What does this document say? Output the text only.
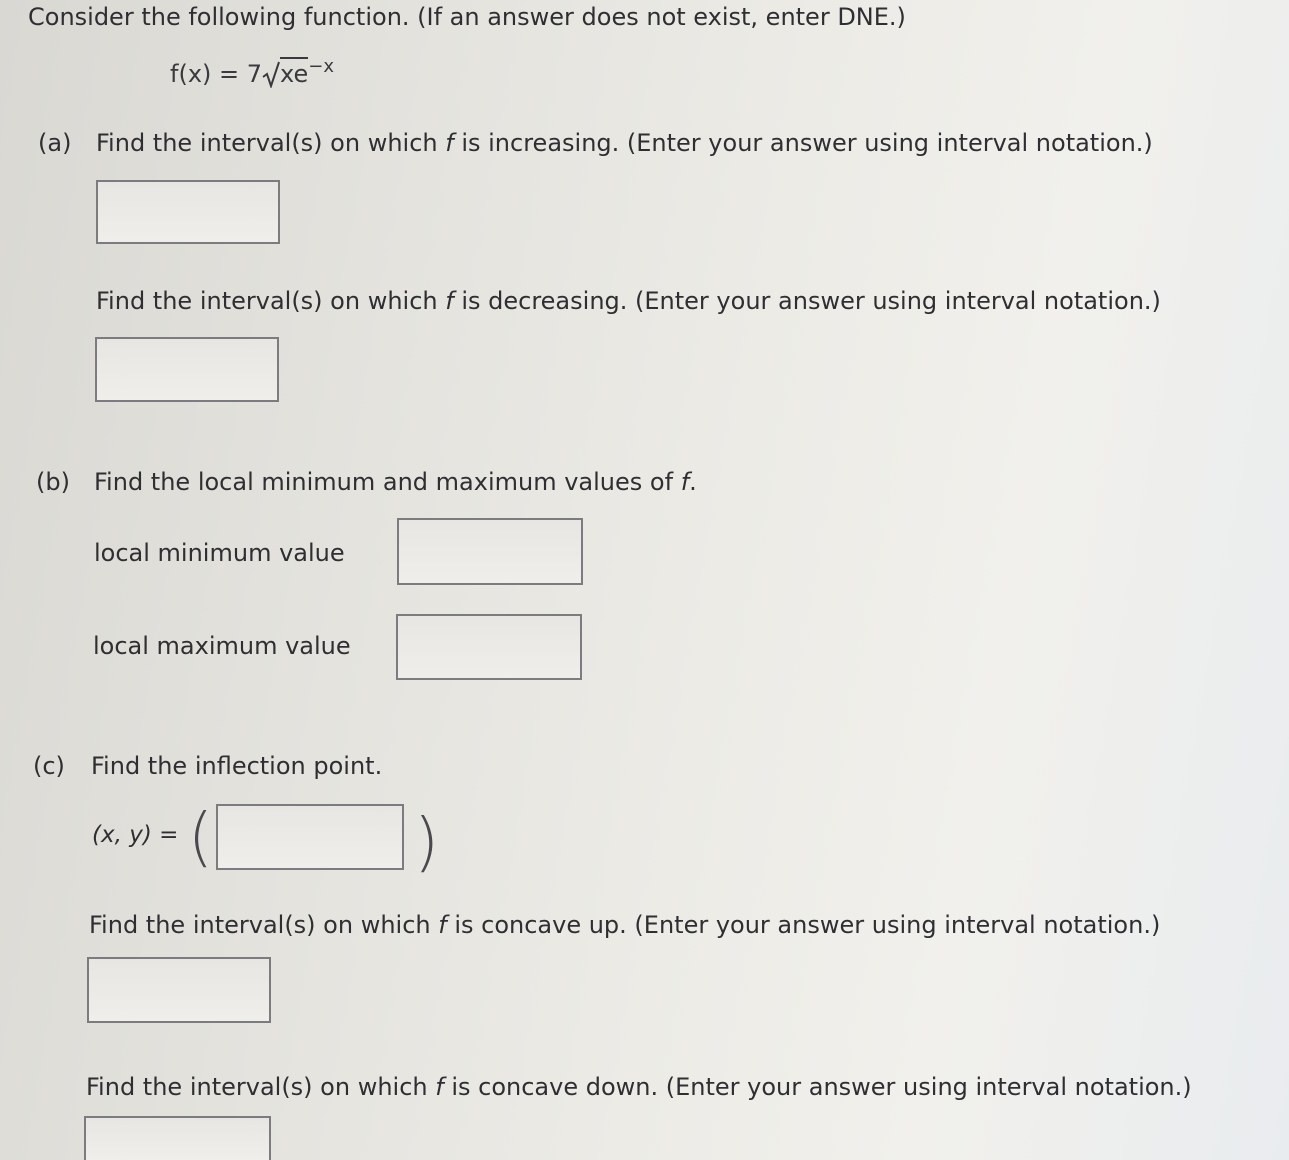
Consider the following function. (If an answer does not exist, enter DNE.)
f(x) = 7 $xe^{-x}$
(a) Find the interval(s) on which f is increasing. (Enter your answer using interval notation.)
Find the interval(s) on which f is decreasing. (Enter your answer using interval notation.)
(b) Find the local minimum and maximum values of f.
local minimum value
local maximum value
(c) Find the inflection point.
(x, y) = (	)
Find the interval(s) on which f is concave up. (Enter your answer using interval notation.)
Find the interval(s) on which f is concave down. (Enter your answer using interval notation.)
